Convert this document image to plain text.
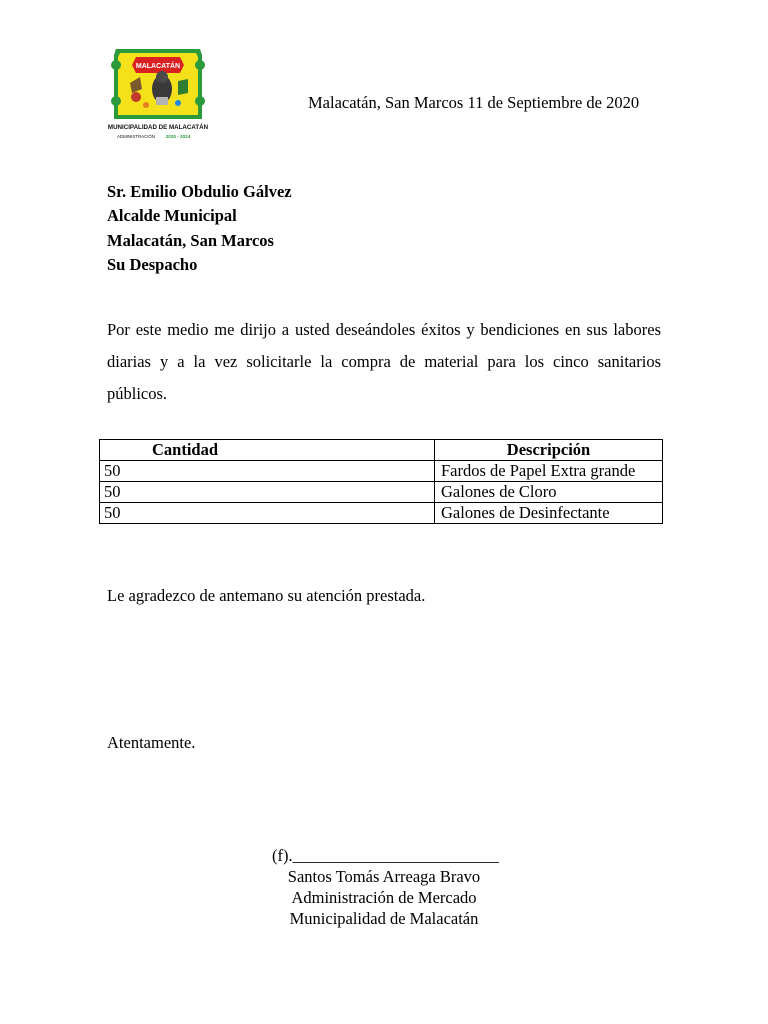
MALACATÁN
MUNICIPALIDAD DE MALACATÁN
ADMINISTRACIÓN 2020 - 2024
Malacatán, San Marcos 11 de Septiembre de 2020
Sr. Emilio Obdulio Gálvez
Alcalde Municipal
Malacatán, San Marcos
Su Despacho

Por este medio me dirijo a usted deseándoles éxitos y bendiciones en sus labores diarias y a la vez solicitarle la compra de material para los cinco sanitarios públicos.

Cantidad	Descripción
50	Fardos de Papel Extra grande
50	Galones de Cloro
50	Galones de Desinfectante
Le agradezco de antemano su atención prestada.
Atentamente.
(f)._________________________
Santos Tomás Arreaga Bravo
Administración de Mercado
Municipalidad de Malacatán
